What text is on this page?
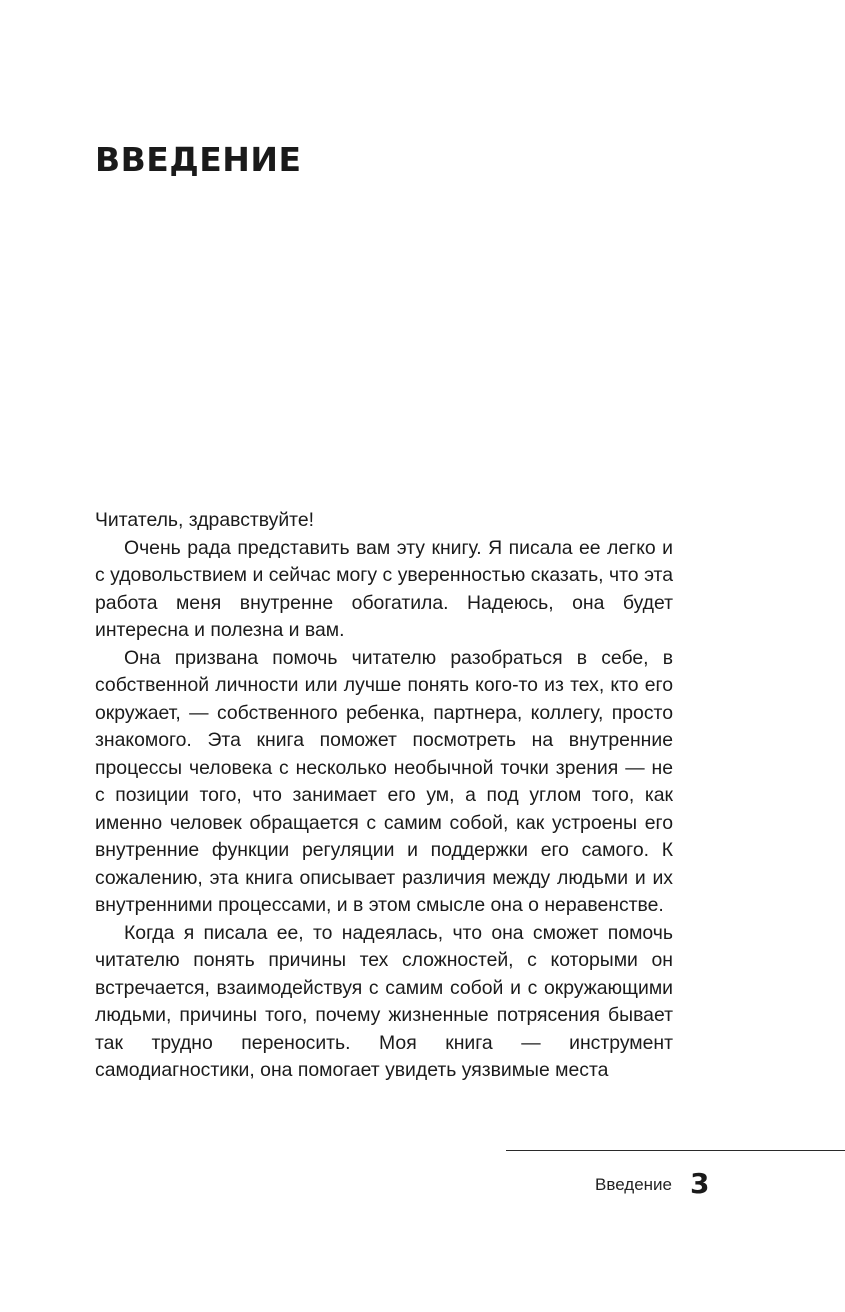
ВВЕДЕНИЕ

Читатель, здравствуйте!

Очень рада представить вам эту книгу. Я писала ее легко и с удовольствием и сейчас могу с уверенностью сказать, что эта работа меня внутренне обогатила. Надеюсь, она будет интересна и полезна и вам.

Она призвана помочь читателю разобраться в себе, в собственной личности или лучше понять кого-то из тех, кто его окружает, — собственного ребенка, партнера, коллегу, просто знакомого. Эта книга поможет посмотреть на внутренние процессы человека с несколько необычной точки зрения — не с позиции того, что занимает его ум, а под углом того, как именно человек обращается с самим собой, как устроены его внутренние функции регуляции и поддержки его самого. К сожалению, эта книга описывает различия между людьми и их внутренними процессами, и в этом смысле она о неравенстве.

Когда я писала ее, то надеялась, что она сможет помочь читателю понять причины тех сложностей, с которыми он встречается, взаимодействуя с самим собой и с окружающими людьми, причины того, почему жизненные потрясения бывает так трудно переносить. Моя книга — инструмент самодиагностики, она помогает увидеть уязвимые места

Введение 3
